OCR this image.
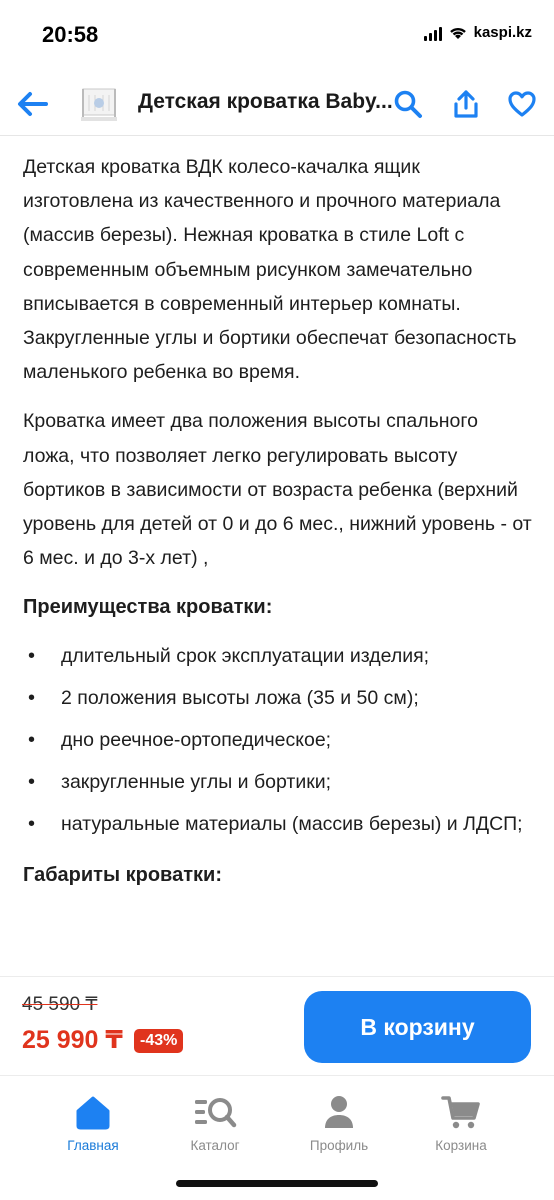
20:58	kaspi.kz
Детская кроватка Baby...

Детская кроватка ВДК колесо-качалка ящик изготовлена из качественного и прочного материала (массив березы). Нежная кроватка в стиле Loft с современным объемным рисунком замечательно вписывается в современный интерьер комнаты. Закругленные углы и бортики обеспечат безопасность маленького ребенка во время.

Кроватка имеет два положения высоты спального ложа, что позволяет легко регулировать высоту бортиков в зависимости от возраста ребенка (верхний уровень для детей от 0 и до 6 мес., нижний уровень - от 6 мес. и до 3-х лет) ,

Преимущества кроватки:
• длительный срок эксплуатации изделия;
• 2 положения высоты ложа (35 и 50 см);
• дно реечное-ортопедическое;
• закругленные углы и бортики;
• натуральные материалы (массив березы) и ЛДСП;
Габариты кроватки:
45 590 ₸
25 990 ₸	-43%
В корзину
Главная	Каталог	Профиль	Корзина
